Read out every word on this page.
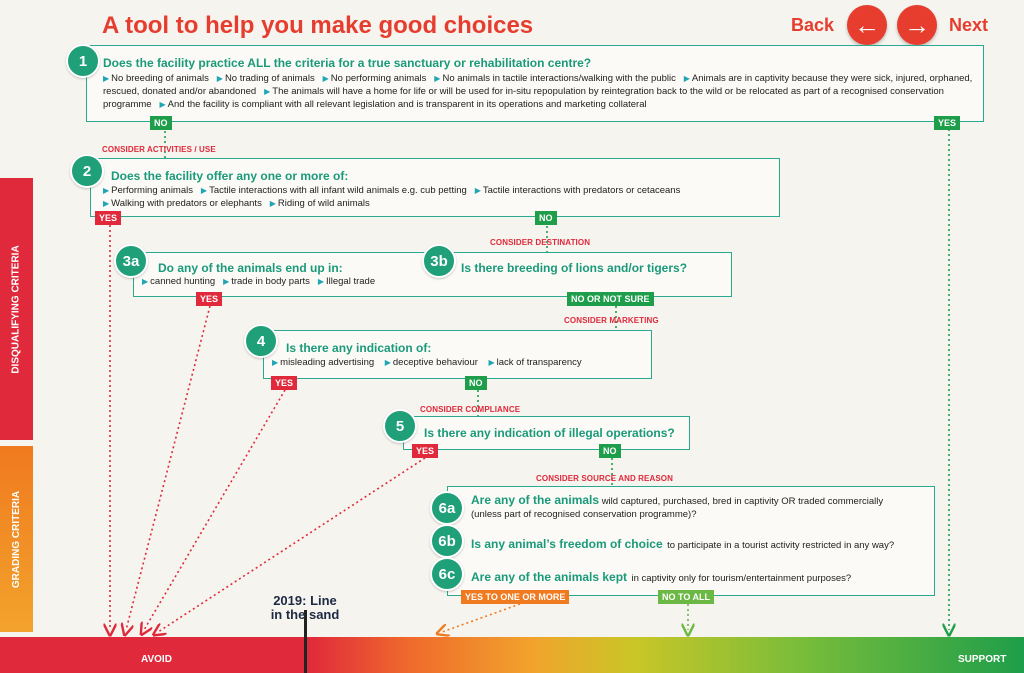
A tool to help you make good choices	Back ← → Next
DISQUALIFYING CRITERIA
GRADING CRITERIA
Does the facility practice ALL the criteria for a true sanctuary or rehabilitation centre?
▶ No breeding of animals ▶ No trading of animals ▶ No performing animals ▶ No animals in tactile interactions/walking with the public ▶ Animals are in captivity because they were sick, injured, orphaned, rescued, donated and/or abandoned ▶ The animals will have a home for life or will be used for in-situ repopulation by reintegration back to the wild or be relocated as part of a recognised conservation programme ▶ And the facility is compliant with all relevant legislation and is transparent in its operations and marketing collateral
1
NO	YES
CONSIDER ACTIVITIES / USE
Does the facility offer any one or more of:
▶ Performing animals ▶ Tactile interactions with all infant wild animals e.g. cub petting ▶ Tactile interactions with predators or cetaceans
▶ Walking with predators or elephants ▶ Riding of wild animals
2
YES	NO
CONSIDER DESTINATION
Do any of the animals end up in:
▶ canned hunting ▶ trade in body parts ▶ Illegal trade
Is there breeding of lions and/or tigers?
3a	3b
YES	NO OR NOT SURE
CONSIDER MARKETING
Is there any indication of:
▶ misleading advertising ▶ deceptive behaviour ▶ lack of transparency
4
YES	NO
CONSIDER COMPLIANCE
Is there any indication of illegal operations?
5
YES	NO
CONSIDER SOURCE AND REASON
Are any of the animals wild captured, purchased, bred in captivity OR traded commercially
(unless part of recognised conservation programme)?
Is any animal’s freedom of choice to participate in a tourist activity restricted in any way?
Are any of the animals kept in captivity only for tourism/entertainment purposes?
6a
6b
6c
YES TO ONE OR MORE	NO TO ALL
AVOID	SUPPORT
2019: Line
in the sand
